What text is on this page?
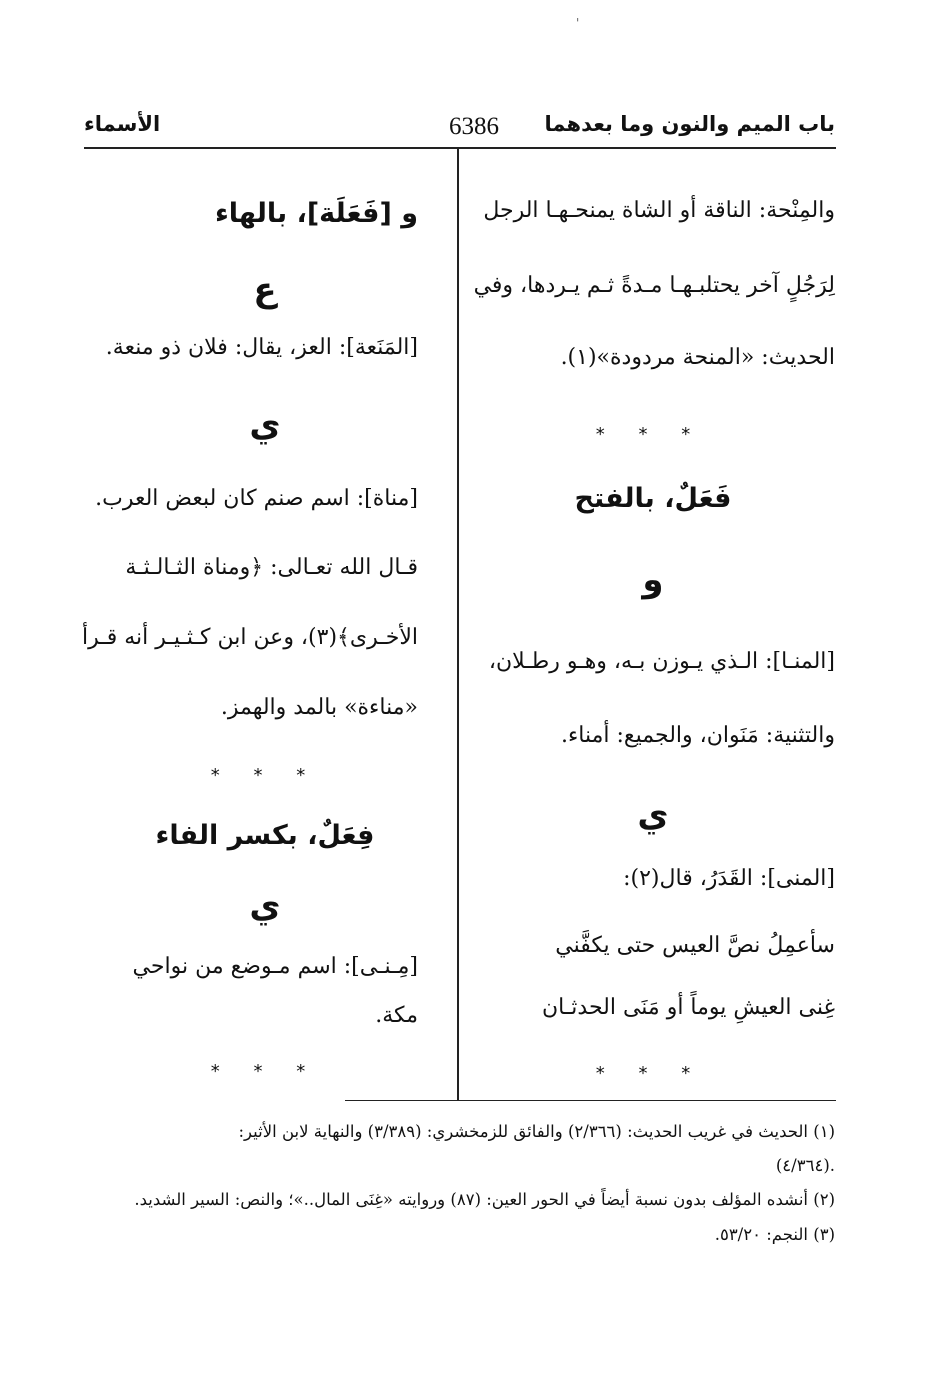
'
باب الميم والنون وما بعدهما
6386
الأسماء
والمِنْحة: الناقة أو الشاة يمنحـهـا الرجل
لِرَجُلٍ آخر يحتلبـهـا مـدةً ثـم يـردها، وفي
الحديث: «المنحة مردودة»(١).
* * *
فَعَلٌ، بالفتح
و
[المنـا]: الـذي يـوزن بـه، وهـو رطـلان،
والتثنية: مَنَوان، والجميع: أمناء.
ي
[المنى]: القَدَرُ، قال(٢):
سأعمِلُ نصَّ العيس حتى يكفَّني
غِنى العيشِ يوماً أو مَنَى الحدثـان
* * *
و [فَعَلَة]، بالهاء
ع
[المَنَعة]: العز، يقال: فلان ذو منعة.
ي
[مناة]: اسم صنم كان لبعض العرب.
قـال الله تعـالى: ﴿ومناة الثـالـثـة
الأخـرى﴾(٣)، وعن ابن كـثـيـر أنه قـرأ
«مناءة» بالمد والهمز.
* * *
فِعَلٌ، بكسر الفاء
ي
[مِـنـى]: اسم مـوضع من نواحي
مكة.
* * *
(١) الحديث في غريب الحديث: (٢/٣٦٦) والفائق للزمخشري: (٣/٣٨٩) والنهاية لابن الأثير:
(٤/٣٦٤).
(٢) أنشده المؤلف بدون نسبة أيضاً في الحور العين: (٨٧) وروايته «غِنَى المال..»؛ والنص: السير الشديد.
(٣) النجم: ٥٣/٢٠.
